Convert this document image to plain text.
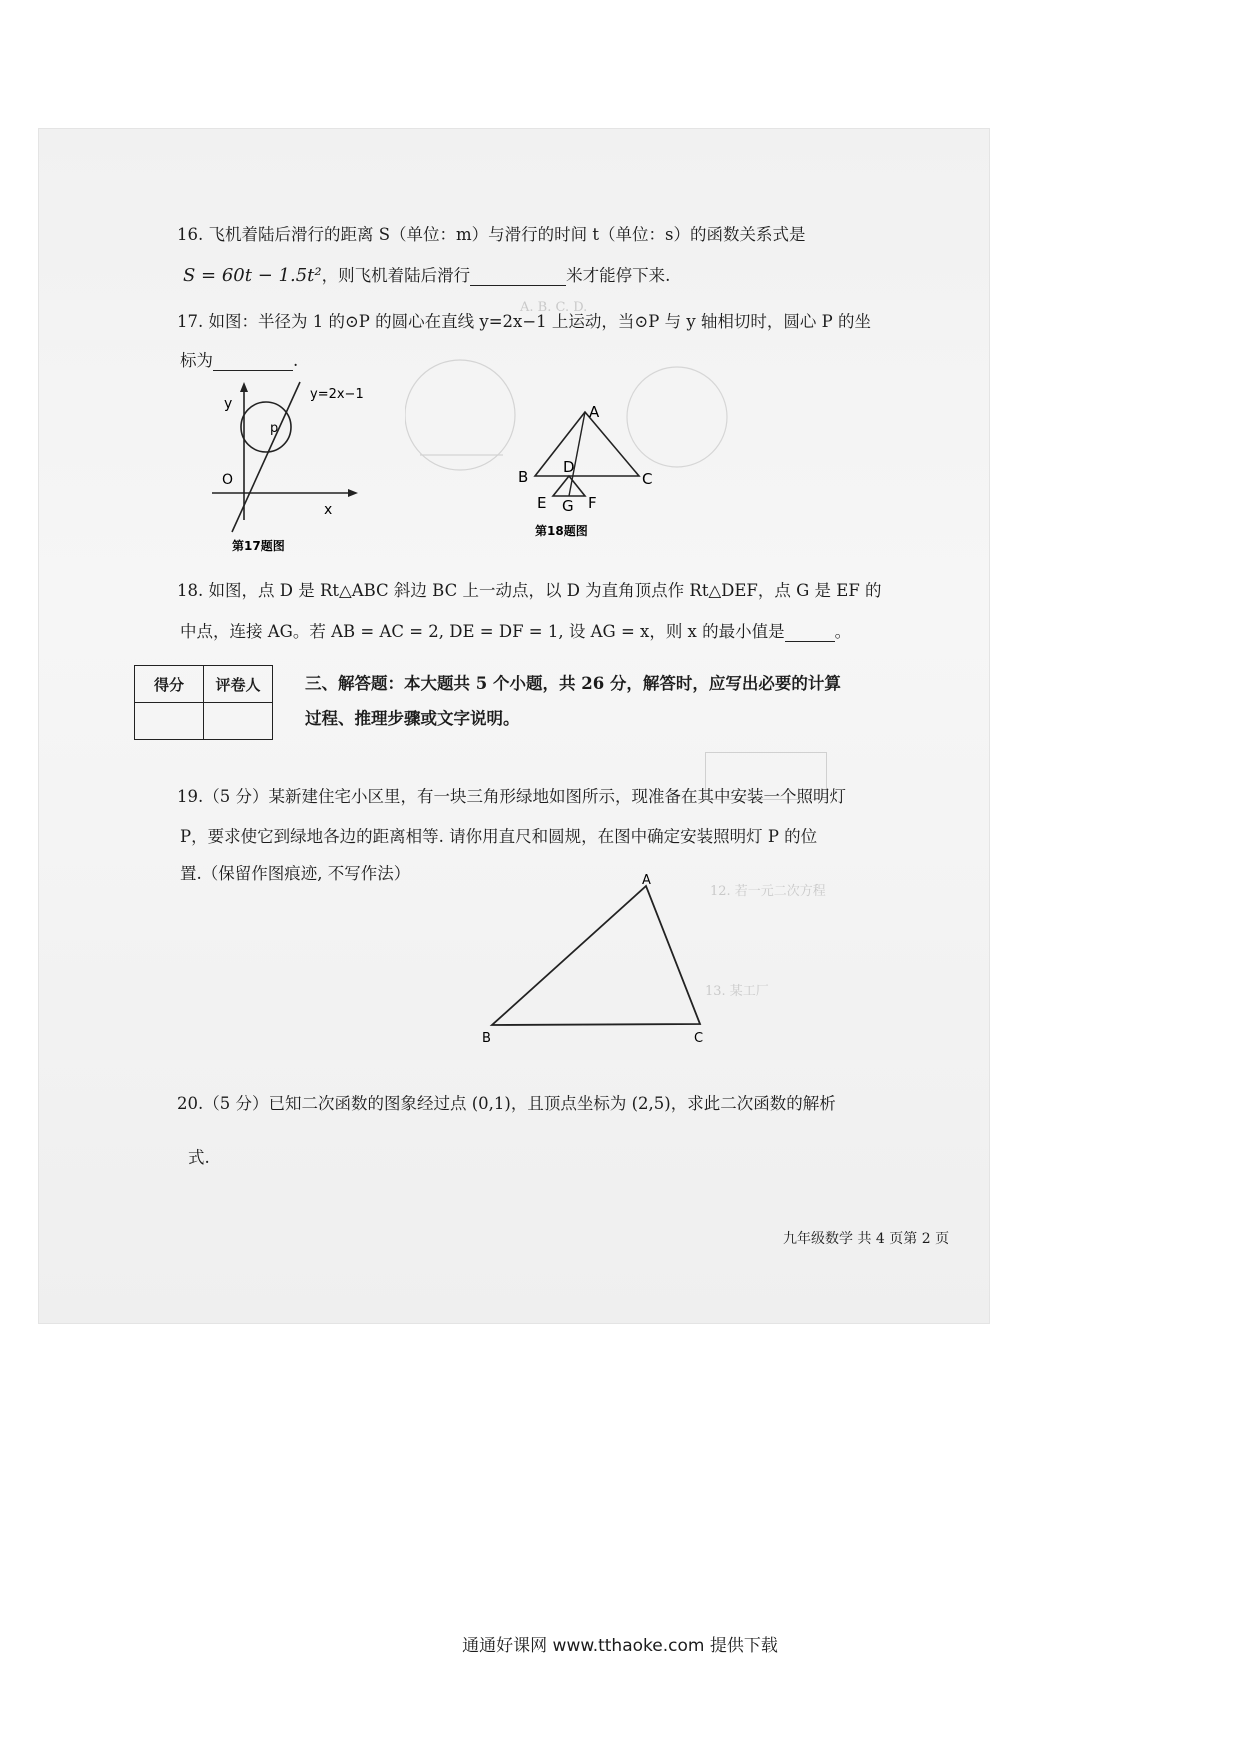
A. B. C. D.
12. 若一元二次方程
13. 某工厂
16. 飞机着陆后滑行的距离 S（单位：m）与滑行的时间 t（单位：s）的函数关系式是
S = 60t − 1.5t²，则飞机着陆后滑行	米才能停下来.
17. 如图：半径为 1 的⊙P 的圆心在直线 y=2x−1 上运动，当⊙P 与 y 轴相切时，圆心 P 的坐
标为	.
y
x
O
p
y=2x−1
第17题图
A
B	C
D
E G F
第18题图
18. 如图，点 D 是 Rt△ABC 斜边 BC 上一动点，以 D 为直角顶点作 Rt△DEF，点 G 是 EF 的
中点，连接 AG。若 AB = AC = 2, DE = DF = 1, 设 AG = x，则 x 的最小值是	。
得分	评卷人
		三、解答题：本大题共 5 个小题，共 26 分，解答时，应写出必要的计算
过程、推理步骤或文字说明。
19.（5 分）某新建住宅小区里，有一块三角形绿地如图所示，现准备在其中安装一个照明灯
P，要求使它到绿地各边的距离相等. 请你用直尺和圆规，在图中确定安装照明灯 P 的位
置.（保留作图痕迹, 不写作法）	A
B	C
20.（5 分）已知二次函数的图象经过点 (0,1)，且顶点坐标为 (2,5)，求此二次函数的解析
式.
九年级数学 共 4 页第 2 页
通通好课网 www.tthaoke.com 提供下载
